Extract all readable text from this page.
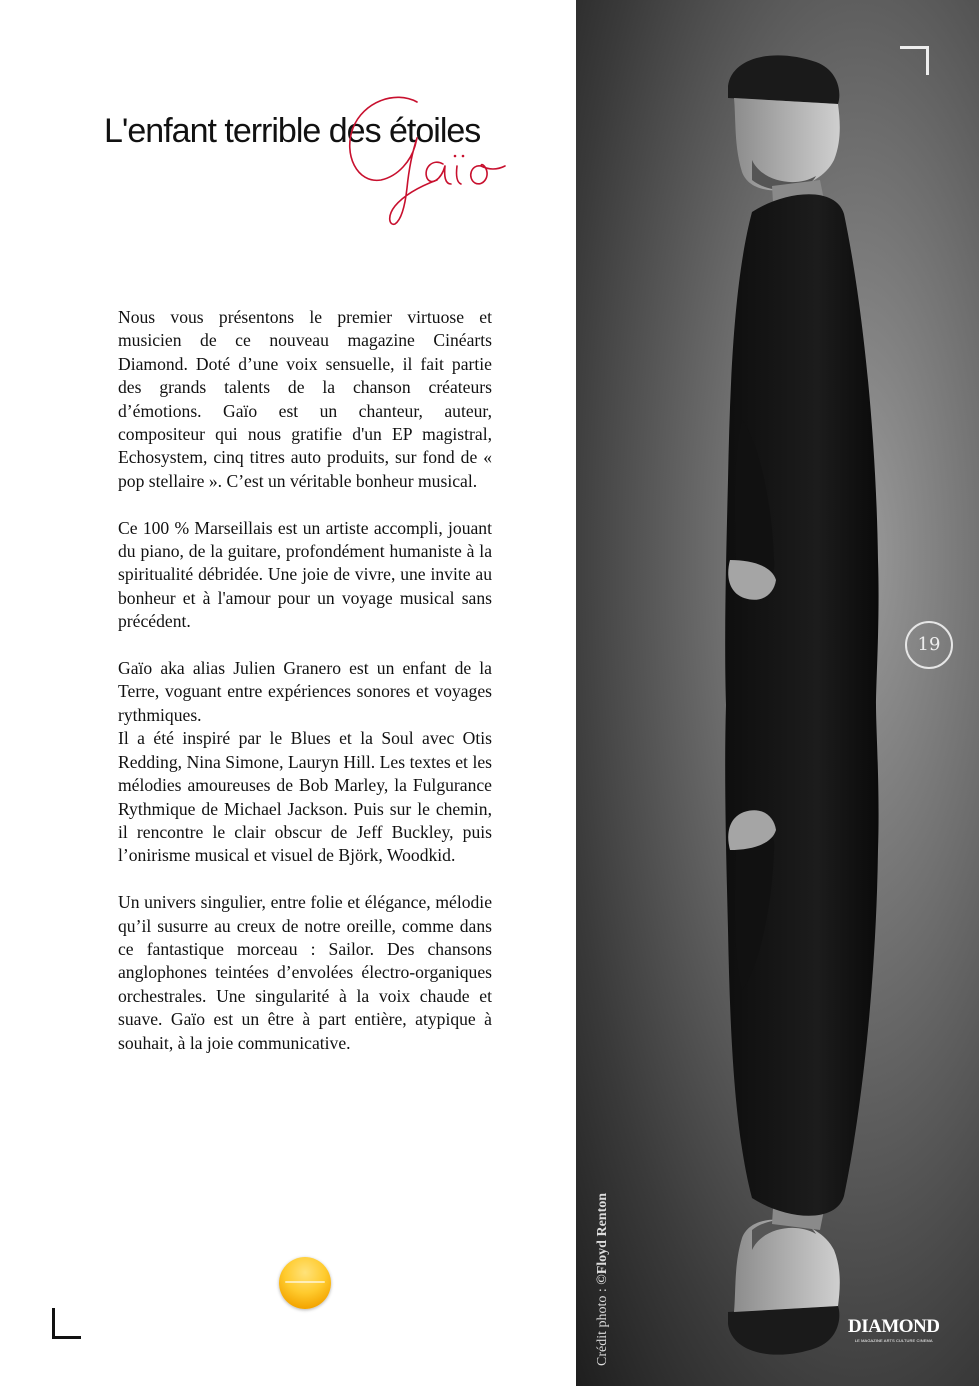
L'enfant terrible des étoiles

Nous vous présentons le premier virtuose et musicien de ce nouveau magazine Cinéarts Diamond. Doté d’une voix sensuelle, il fait partie des grands talents de la chanson créateurs d’émotions. Gaïo est un chanteur, auteur, compositeur qui nous gratifie d'un EP magistral, Echosystem, cinq titres auto produits, sur fond de « pop stellaire ». C’est un véritable bonheur musical.

Ce 100 % Marseillais est un artiste accompli, jouant du piano, de la guitare, profondément humaniste à la spiritualité débridée. Une joie de vivre, une invite au bonheur et à l'amour pour un voyage musical sans précédent.

Gaïo aka alias Julien Granero est un enfant de la Terre, voguant entre expériences sonores et voyages rythmiques.
Il a été inspiré par le Blues et la Soul avec Otis Redding, Nina Simone, Lauryn Hill. Les textes et les mélodies amoureuses de Bob Marley, la Fulgurance Rythmique de Michael Jackson. Puis sur le chemin, il rencontre le clair obscur de Jeff Buckley, puis l’onirisme musical et visuel de Björk, Woodkid.

Un univers singulier, entre folie et élégance, mélodie qu’il susurre au creux de notre oreille, comme dans ce fantastique morceau : Sailor. Des chansons anglophones teintées d’envolées électro-organiques orchestrales. Une singularité à la voix chaude et suave. Gaïo est un être à part entière, atypique à souhait, à la joie communicative.

19
Crédit photo : ©Floyd Renton
DIAMOND
LE MAGAZINE ARTS CULTURE CINEMA
